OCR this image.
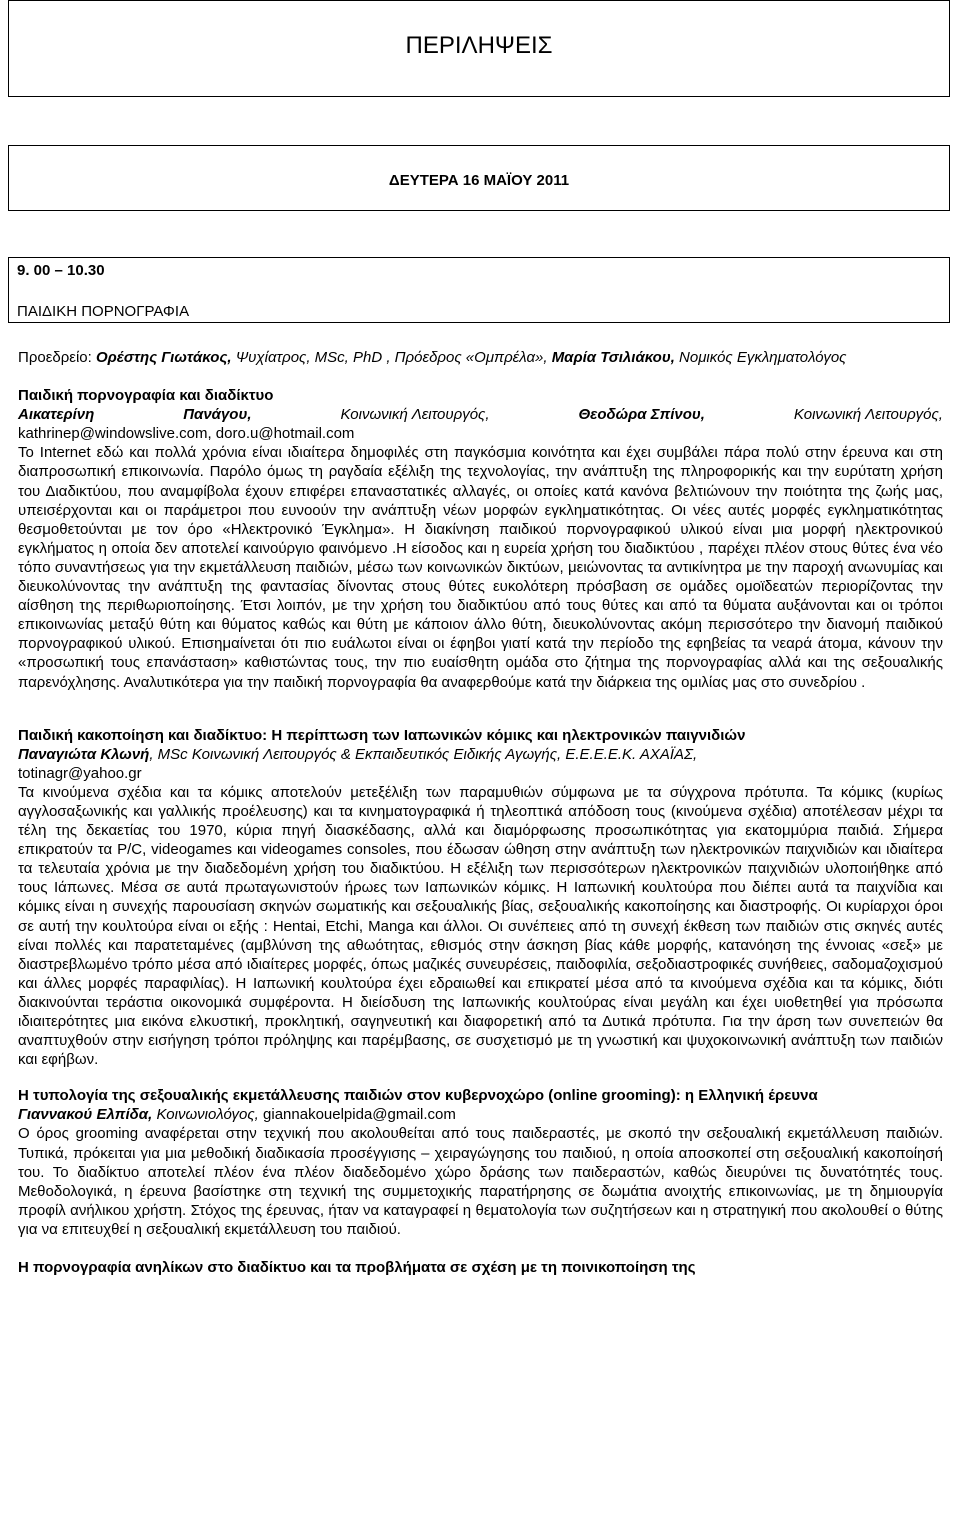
ΠΕΡΙΛΗΨΕΙΣ
ΔΕΥΤΕΡΑ 16 ΜΑΪΟΥ 2011
9. 00 – 10.30
ΠΑΙΔΙΚΗ ΠΟΡΝΟΓΡΑΦΙΑ

Προεδρείο: Ορέστης Γιωτάκος, Ψυχίατρος, MSc, PhD , Πρόεδρος «Ομπρέλα», Μαρία Τσιλιάκου, Νομικός Εγκληματολόγος

Παιδική πορνογραφία και διαδίκτυο

Αικατερίνη	Πανάγου,	Κοινωνική Λειτουργός,	Θεοδώρα Σπίνου,	Κοινωνική Λειτουργός,

kathrinep@windowslive.com, doro.u@hotmail.com

Το Internet εδώ και πολλά χρόνια είναι ιδιαίτερα δημοφιλές στη παγκόσμια κοινότητα και έχει συμβάλει πάρα πολύ στην έρευνα και στη διαπροσωπική επικοινωνία. Παρόλο όμως τη ραγδαία εξέλιξη της τεχνολογίας, την ανάπτυξη της πληροφορικής και την ευρύτατη χρήση του Διαδικτύου, που αναμφίβολα έχουν επιφέρει επαναστατικές αλλαγές, οι οποίες κατά κανόνα βελτιώνουν την ποιότητα της ζωής μας, υπεισέρχονται και οι παράμετροι που ευνοούν την ανάπτυξη νέων μορφών εγκληματικότητας. Οι νέες αυτές μορφές εγκληματικότητας θεσμοθετούνται με τον όρο «Ηλεκτρονικό Έγκλημα». Η διακίνηση παιδικού πορνογραφικού υλικού είναι μια μορφή ηλεκτρονικού εγκλήματος η οποία δεν αποτελεί καινούργιο φαινόμενο .Η είσοδος και η ευρεία χρήση του διαδικτύου , παρέχει πλέον στους θύτες ένα νέο τόπο συναντήσεως για την εκμετάλλευση παιδιών, μέσω των κοινωνικών δικτύων, μειώνοντας τα αντικίνητρα με την παροχή ανωνυμίας και διευκολύνοντας την ανάπτυξη της φαντασίας δίνοντας στους θύτες ευκολότερη πρόσβαση σε ομάδες ομοϊδεατών περιορίζοντας την αίσθηση της περιθωριοποίησης. Έτσι λοιπόν, με την χρήση του διαδικτύου από τους θύτες και από τα θύματα αυξάνονται και οι τρόποι επικοινωνίας μεταξύ θύτη και θύματος καθώς και θύτη με κάποιον άλλο θύτη, διευκολύνοντας ακόμη περισσότερο την διανομή παιδικού πορνογραφικού υλικού. Επισημαίνεται ότι πιο ευάλωτοι είναι οι έφηβοι γιατί κατά την περίοδο της εφηβείας τα νεαρά άτομα, κάνουν την «προσωπική τους επανάσταση» καθιστώντας τους, την πιο ευαίσθητη ομάδα στο ζήτημα της πορνογραφίας αλλά και της σεξουαλικής παρενόχλησης. Αναλυτικότερα για την παιδική πορνογραφία θα αναφερθούμε κατά την διάρκεια της ομιλίας μας στο συνεδρίου .

Παιδική κακοποίηση και διαδίκτυο: Η περίπτωση των Ιαπωνικών κόμικς και ηλεκτρονικών παιγνιδιών

Παναγιώτα Κλωνή, MSc Κοινωνική Λειτουργός & Εκπαιδευτικός Ειδικής Αγωγής, Ε.Ε.Ε.Ε.Κ. ΑΧΑΪΑΣ,

totinagr@yahoo.gr

Τα κινούμενα σχέδια και τα κόμικς αποτελούν μετεξέλιξη των παραμυθιών σύμφωνα με τα σύγχρονα πρότυπα. Τα κόμικς (κυρίως αγγλοσαξωνικής και γαλλικής προέλευσης) και τα κινηματογραφικά ή τηλεοπτικά απόδοση τους (κινούμενα σχέδια) αποτέλεσαν μέχρι τα τέλη της δεκαετίας του 1970, κύρια πηγή διασκέδασης, αλλά και διαμόρφωσης προσωπικότητας για εκατομμύρια παιδιά. Σήμερα επικρατούν τα P/C, videogames και videogames consoles, που έδωσαν ώθηση στην ανάπτυξη των ηλεκτρονικών παιχνιδιών και ιδιαίτερα τα τελευταία χρόνια με την διαδεδομένη χρήση του διαδικτύου. Η εξέλιξη των περισσότερων ηλεκτρονικών παιχνιδιών υλοποιήθηκε από τους Ιάπωνες. Μέσα σε αυτά πρωταγωνιστούν ήρωες των Ιαπωνικών κόμικς. Η Ιαπωνική κουλτούρα που διέπει αυτά τα παιχνίδια και κόμικς είναι η συνεχής παρουσίαση σκηνών σωματικής και σεξουαλικής βίας, σεξουαλικής κακοποίησης και διαστροφής. Οι κυρίαρχοι όροι σε αυτή την κουλτούρα είναι οι εξής : Hentai, Etchi, Manga και άλλοι. Οι συνέπειες από τη συνεχή έκθεση των παιδιών στις σκηνές αυτές είναι πολλές και παρατεταμένες (αμβλύνση της αθωότητας, εθισμός στην άσκηση βίας κάθε μορφής, κατανόηση της έννοιας «σεξ» με διαστρεβλωμένο τρόπο μέσα από ιδιαίτερες μορφές, όπως μαζικές συνευρέσεις, παιδοφιλία, σεξοδιαστροφικές συνήθειες, σαδομαζοχισμού και άλλες μορφές παραφιλίας). Η Ιαπωνική κουλτούρα έχει εδραιωθεί και επικρατεί μέσα από τα κινούμενα σχέδια και τα κόμικς, διότι διακινούνται τεράστια οικονομικά συμφέροντα. Η διείσδυση της Ιαπωνικής κουλτούρας είναι μεγάλη και έχει υιοθετηθεί για πρόσωπα ιδιαιτερότητες μια εικόνα ελκυστική, προκλητική, σαγηνευτική και διαφορετική από τα Δυτικά πρότυπα. Για την άρση των συνεπειών θα αναπτυχθούν στην εισήγηση τρόποι πρόληψης και παρέμβασης, σε συσχετισμό με τη γνωστική και ψυχοκοινωνική ανάπτυξη των παιδιών και εφήβων.

Η τυπολογία της σεξουαλικής εκμετάλλευσης παιδιών στον κυβερνοχώρο (online grooming): η Ελληνική έρευνα

Γιαννακού Ελπίδα, Κοινωνιολόγος, giannakouelpida@gmail.com

Ο όρος grooming αναφέρεται στην τεχνική που ακολουθείται από τους παιδεραστές, με σκοπό την σεξουαλική εκμετάλλευση παιδιών. Τυπικά, πρόκειται για μια μεθοδική διαδικασία προσέγγισης – χειραγώγησης του παιδιού, η οποία αποσκοπεί στη σεξουαλική κακοποίησή του. Το διαδίκτυο αποτελεί πλέον ένα πλέον διαδεδομένο χώρο δράσης των παιδεραστών, καθώς διευρύνει τις δυνατότητές τους. Μεθοδολογικά, η έρευνα βασίστηκε στη τεχνική της συμμετοχικής παρατήρησης σε δωμάτια ανοιχτής επικοινωνίας, με τη δημιουργία προφίλ ανήλικου χρήστη. Στόχος της έρευνας, ήταν να καταγραφεί η θεματολογία των συζητήσεων και η στρατηγική που ακολουθεί ο θύτης για να επιτευχθεί η σεξουαλική εκμετάλλευση του παιδιού.

Η πορνογραφία ανηλίκων στο διαδίκτυο και τα προβλήματα σε σχέση με τη ποινικοποίηση της
